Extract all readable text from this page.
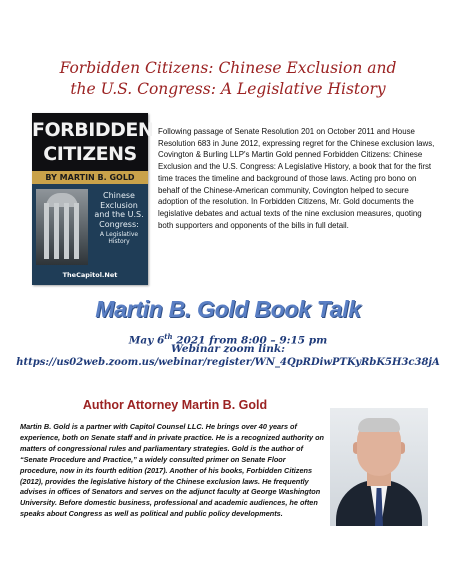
Forbidden Citizens: Chinese Exclusion and
the U.S. Congress: A Legislative History
FORBIDDEN
CITIZENS
BY MARTIN B. GOLD
Chinese Exclusion and the U.S. Congress:
A Legislative History
TheCapitol.Net
Following passage of Senate Resolution 201 on October 2011 and House Resolution 683 in June 2012, expressing regret for the Chinese exclusion laws, Covington & Burling LLP's Martin Gold penned Forbidden Citizens: Chinese Exclusion and the U.S. Congress: A Legislative History, a book that for the first time traces the timeline and background of those laws. Acting pro bono on behalf of the Chinese-American community, Covington helped to secure adoption of the resolution. In Forbidden Citizens, Mr. Gold documents the legislative debates and actual texts of the nine exclusion measures, quoting both supporters and opponents of the bills in full detail.
Martin B. Gold Book Talk
May 6th 2021 from 8:00 – 9:15 pm
Webinar zoom link:
https://us02web.zoom.us/webinar/register/WN_4QpRDiwPTKyRbK5H3c38jA
Author Attorney Martin B. Gold
Martin B. Gold is a partner with Capitol Counsel LLC. He brings over 40 years of experience, both on Senate staff and in private practice. He is a recognized authority on matters of congressional rules and parliamentary strategies. Gold is the author of “Senate Procedure and Practice,” a widely consulted primer on Senate Floor procedure, now in its fourth edition (2017). Another of his books, Forbidden Citizens (2012), provides the legislative history of the Chinese exclusion laws. He frequently advises in offices of Senators and serves on the adjunct faculty at George Washington University. Before domestic business, professional and academic audiences, he often speaks about Congress as well as political and public policy developments.
